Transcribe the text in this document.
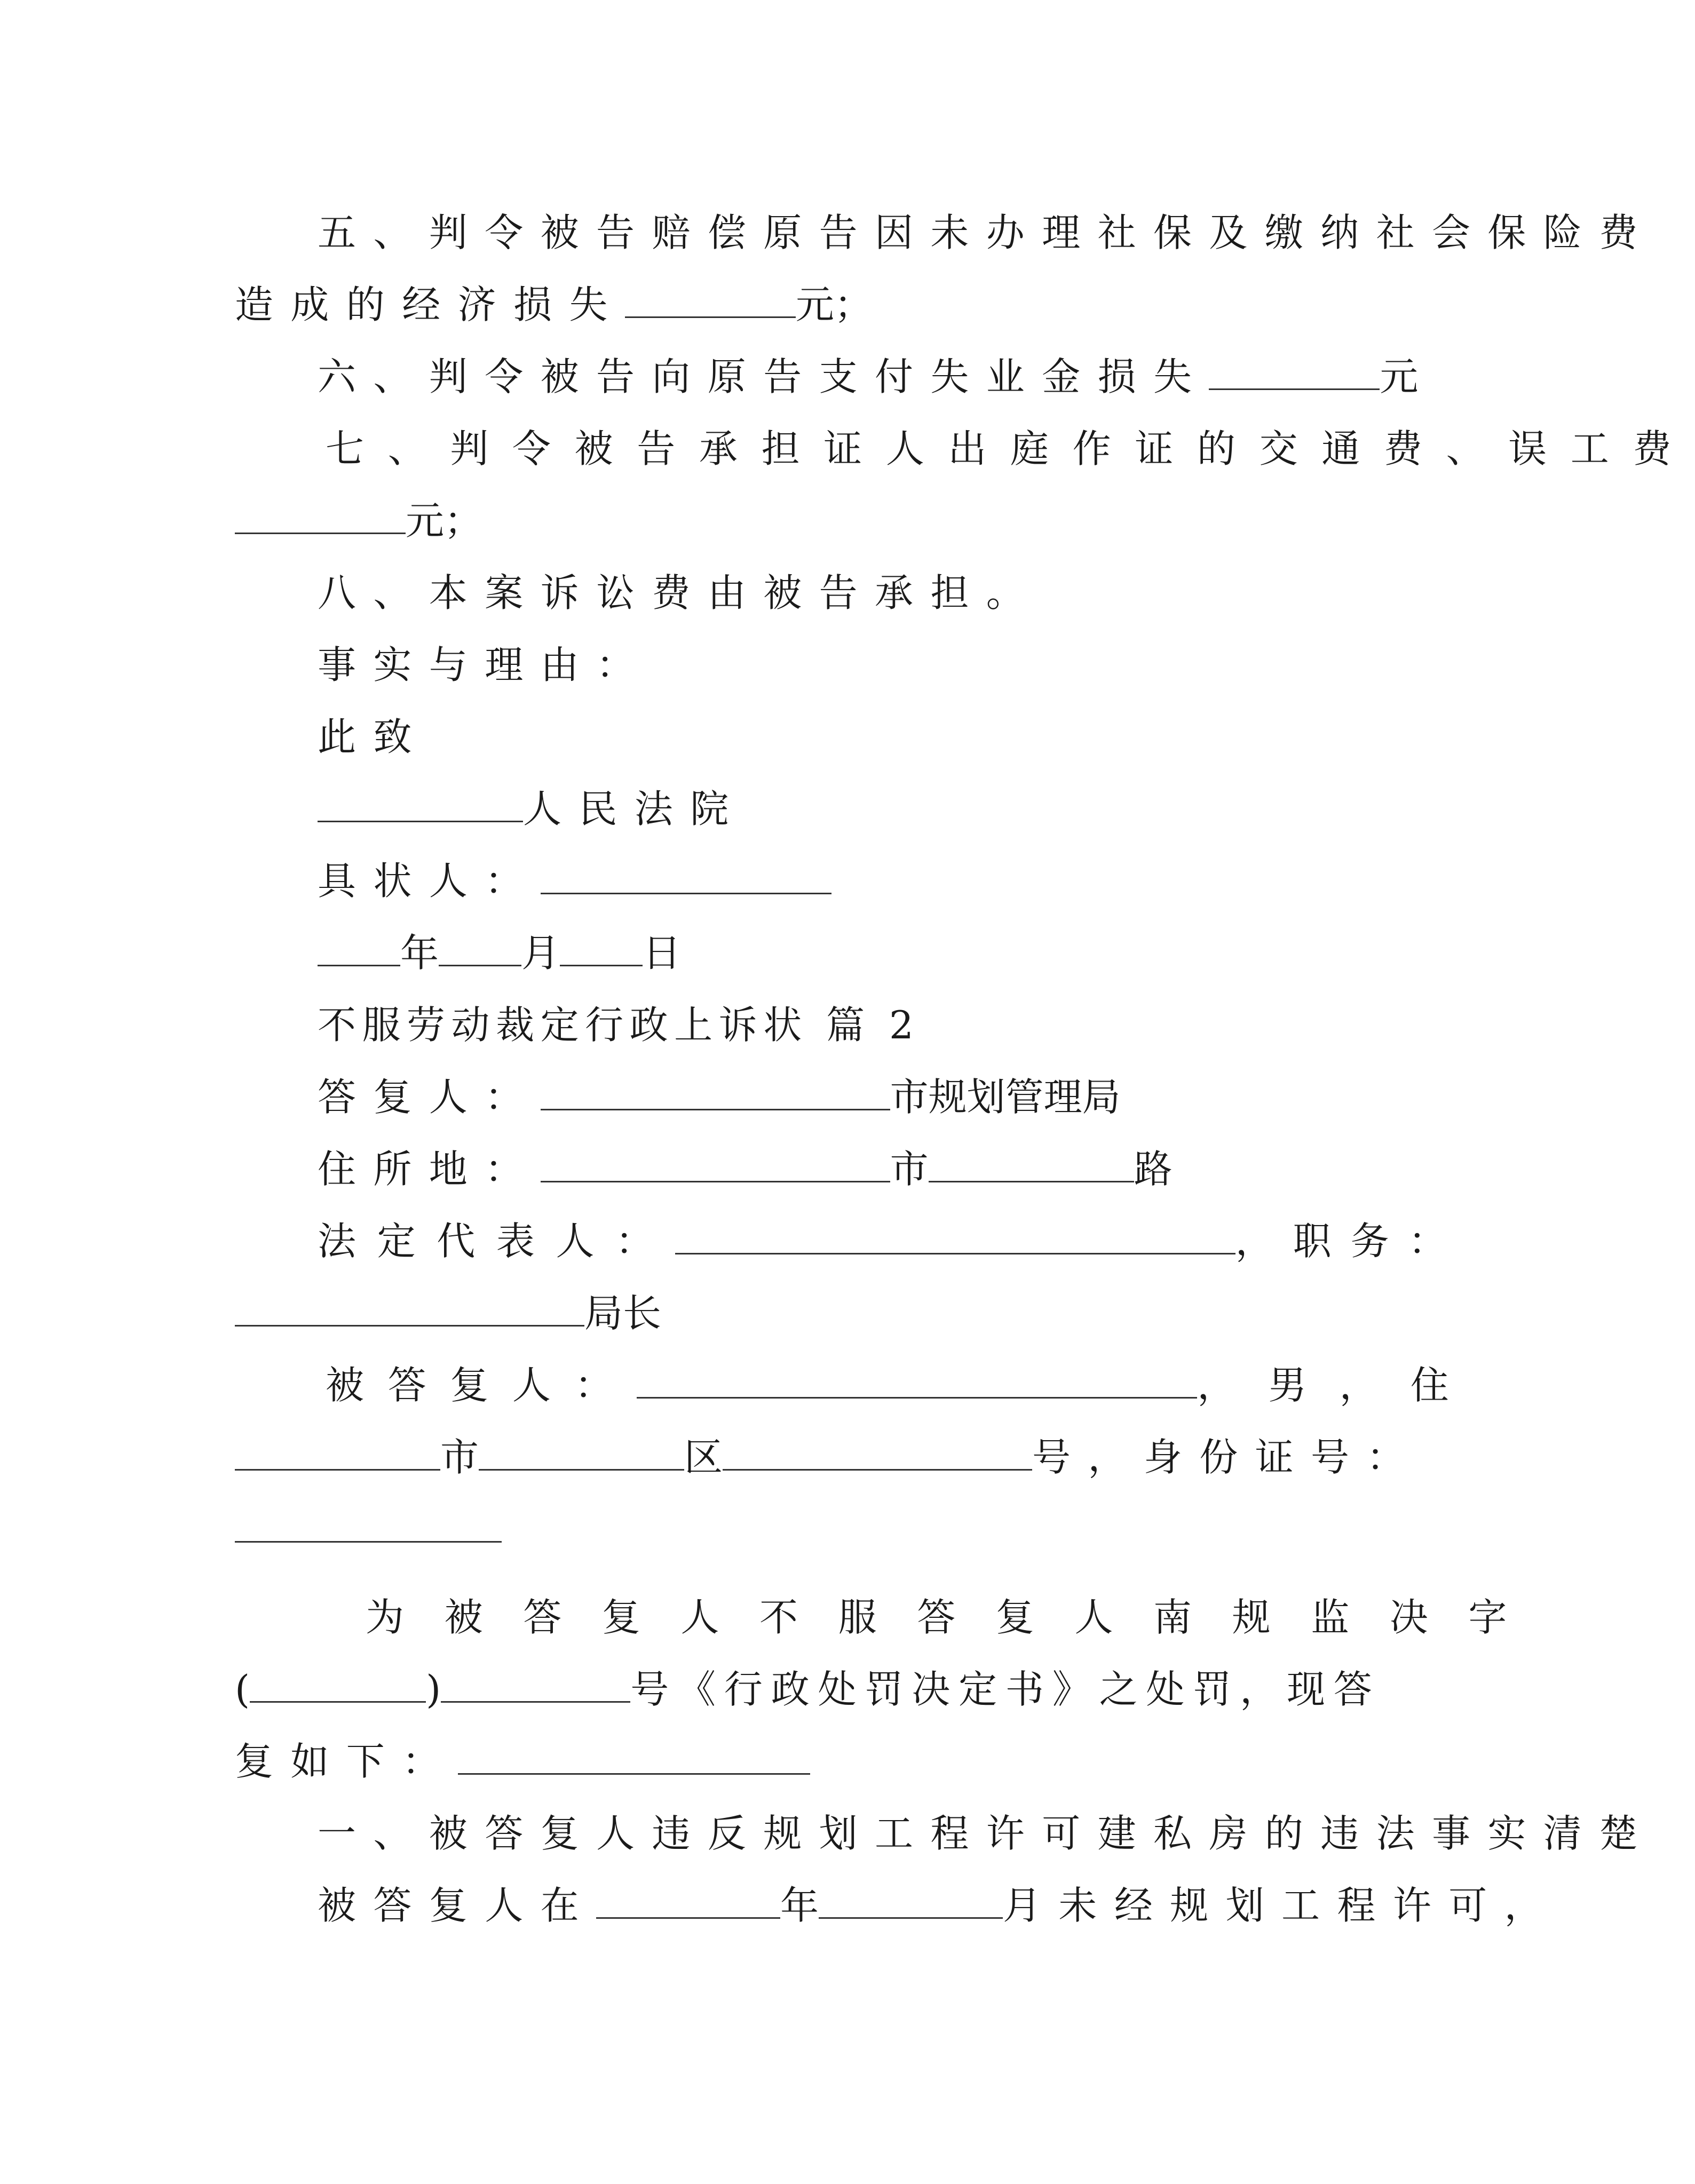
五、判令被告赔偿原告因未办理社保及缴纳社会保险费
造成的经济损失	元；
六、判令被告向原告支付失业金损失	元
七、判令被告承担证人出庭作证的交通费、误工费
元；
八、本案诉讼费由被告承担。
事实与理由：
此致
人民法院
具状人：
年 月 日
不服劳动裁定行政上诉状 篇 2
答复人：	市规划管理局
住所地：	市	路
法定代表人：	，职务：
局长
被答复人：	，男，住
市	区	号，身份证号：
为被答复人不服答复人南规监决字
(	)	号《行政处罚决定书》之处罚，现答
复如下：
一、被答复人违反规划工程许可建私房的违法事实清楚
被答复人在	年	月未经规划工程许可，
